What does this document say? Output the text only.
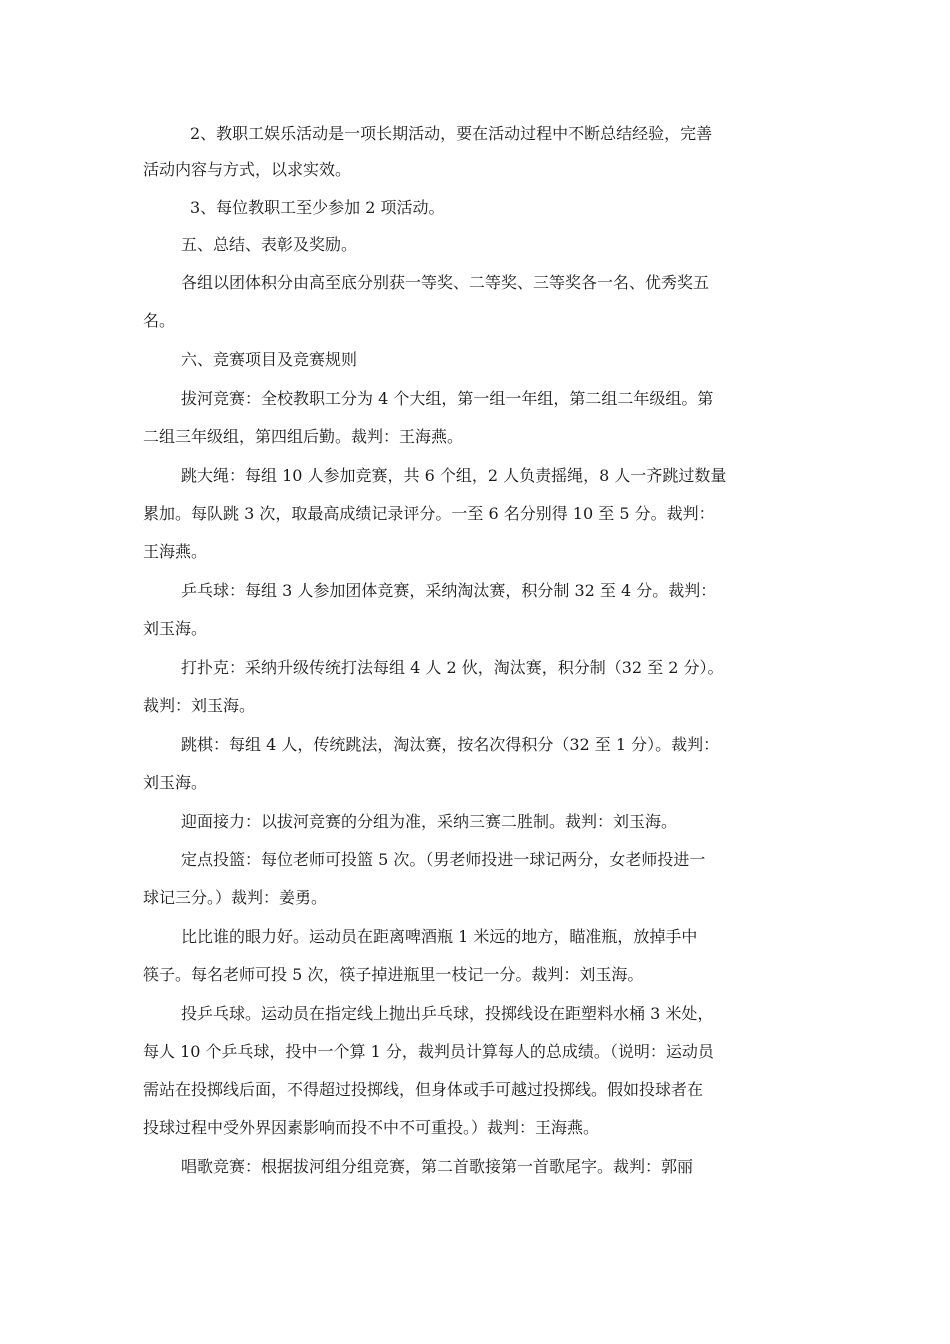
2、教职工娱乐活动是一项长期活动，要在活动过程中不断总结经验，完善
活动内容与方式，以求实效。
3、每位教职工至少参加 2 项活动。
五、总结、表彰及奖励。
各组以团体积分由高至底分别获一等奖、二等奖、三等奖各一名、优秀奖五
名。
六、竞赛项目及竞赛规则
拔河竞赛：全校教职工分为 4 个大组，第一组一年组，第二组二年级组。第
二组三年级组，第四组后勤。裁判：王海燕。
跳大绳：每组 10 人参加竞赛，共 6 个组，2 人负责摇绳，8 人一齐跳过数量
累加。每队跳 3 次，取最高成绩记录评分。一至 6 名分别得 10 至 5 分。裁判：
王海燕。
乒乓球：每组 3 人参加团体竞赛，采纳淘汰赛，积分制 32 至 4 分。裁判：
刘玉海。
打扑克：采纳升级传统打法每组 4 人 2 伙，淘汰赛，积分制（32 至 2 分）。
裁判：刘玉海。
跳棋：每组 4 人，传统跳法，淘汰赛，按名次得积分（32 至 1 分）。裁判：
刘玉海。
迎面接力：以拔河竞赛的分组为准，采纳三赛二胜制。裁判：刘玉海。
定点投篮：每位老师可投篮 5 次。（男老师投进一球记两分，女老师投进一
球记三分。）裁判：姜勇。
比比谁的眼力好。运动员在距离啤酒瓶 1 米远的地方，瞄准瓶，放掉手中
筷子。每名老师可投 5 次，筷子掉进瓶里一枝记一分。裁判：刘玉海。
投乒乓球。运动员在指定线上抛出乒乓球，投掷线设在距塑料水桶 3 米处，
每人 10 个乒乓球，投中一个算 1 分，裁判员计算每人的总成绩。（说明：运动员
需站在投掷线后面，不得超过投掷线，但身体或手可越过投掷线。假如投球者在
投球过程中受外界因素影响而投不中不可重投。）裁判：王海燕。
唱歌竞赛：根据拔河组分组竞赛，第二首歌接第一首歌尾字。裁判：郭丽
